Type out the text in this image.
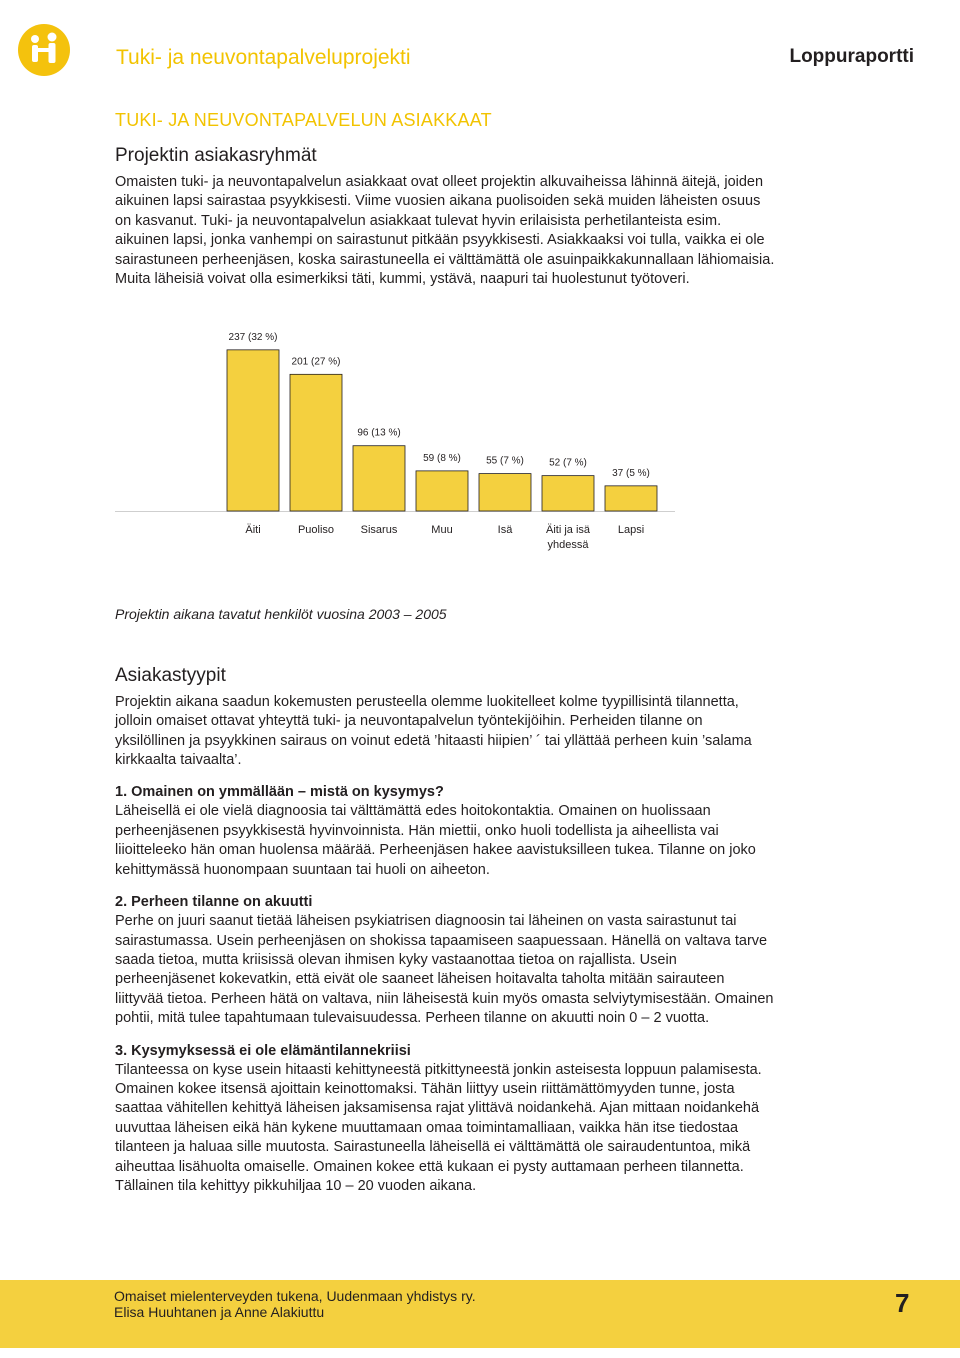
Tuki- ja neuvontapalveluprojekti	Loppuraportti
TUKI- JA NEUVONTAPALVELUN ASIAKKAAT
Projektin asiakasryhmät

Omaisten tuki- ja neuvontapalvelun asiakkaat ovat olleet projektin alkuvaiheissa lähinnä äitejä, joiden aikuinen lapsi sairastaa psyykkisesti. Viime vuosien aikana puolisoiden sekä muiden läheisten osuus on kasvanut. Tuki- ja neuvontapalvelun asiakkaat tulevat hyvin erilaisista perhetilanteista esim. aikuinen lapsi, jonka vanhempi on sairastunut pitkään psyykkisesti. Asiakkaaksi voi tulla, vaikka ei ole sairastuneen perheenjäsen, koska sairastuneella ei välttämättä ole asuinpaikkakunnallaan lähiomaisia. Muita läheisiä voivat olla esimerkiksi täti, kummi, ystävä, naapuri tai huolestunut työtoveri.

237 (32 %)
Äiti
201 (27 %)
Puoliso
96 (13 %)
Sisarus
59 (8 %)
Muu
55 (7 %)
Isä
52 (7 %)
Äiti ja isä
yhdessä
37 (5 %)
Lapsi

Projektin aikana tavatut henkilöt vuosina 2003 – 2005

Asiakastyypit

Projektin aikana saadun kokemusten perusteella olemme luokitelleet kolme tyypillisintä tilannetta, jolloin omaiset ottavat yhteyttä tuki- ja neuvontapalvelun työntekijöihin. Perheiden tilanne on yksilöllinen ja psyykkinen sairaus on voinut edetä ’hitaasti hiipien’ ´ tai yllättää perheen kuin ’salama kirkkaalta taivaalta’.

1. Omainen on ymmällään – mistä on kysymys?

Läheisellä ei ole vielä diagnoosia tai välttämättä edes hoitokontaktia. Omainen on huolissaan perheenjäsenen psyykkisestä hyvinvoinnista. Hän miettii, onko huoli todellista ja aiheellista vai liioitteleeko hän oman huolensa määrää. Perheenjäsen hakee aavistuksilleen tukea. Tilanne on joko kehittymässä huonompaan suuntaan tai huoli on aiheeton.

2. Perheen tilanne on akuutti

Perhe on juuri saanut tietää läheisen psykiatrisen diagnoosin tai läheinen on vasta sairastunut tai sairastumassa. Usein perheenjäsen on shokissa tapaamiseen saapuessaan. Hänellä on valtava tarve saada tietoa, mutta kriisissä olevan ihmisen kyky vastaanottaa tietoa on rajallista. Usein perheenjäsenet kokevatkin, että eivät ole saaneet läheisen hoitavalta taholta mitään sairauteen liittyvää tietoa. Perheen hätä on valtava, niin läheisestä kuin myös omasta selviytymisestään. Omainen pohtii, mitä tulee tapahtumaan tulevaisuudessa. Perheen tilanne on akuutti noin 0 – 2 vuotta.

3. Kysymyksessä ei ole elämäntilannekriisi

Tilanteessa on kyse usein hitaasti kehittyneestä pitkittyneestä jonkin asteisesta loppuun palamisesta. Omainen kokee itsensä ajoittain keinottomaksi. Tähän liittyy usein riittämättömyyden tunne, josta saattaa vähitellen kehittyä läheisen jaksamisensa rajat ylittävä noidankehä. Ajan mittaan noidankehä uuvuttaa läheisen eikä hän kykene muuttamaan omaa toimintamalliaan, vaikka hän itse tiedostaa tilanteen ja haluaa sille muutosta. Sairastuneella läheisellä ei välttämättä ole sairaudentuntoa, mikä aiheuttaa lisähuolta omaiselle. Omainen kokee että kukaan ei pysty auttamaan perheen tilannetta. Tällainen tila kehittyy pikkuhiljaa 10 – 20 vuoden aikana.

Omaiset mielenterveyden tukena, Uudenmaan yhdistys ry.
Elisa Huuhtanen ja Anne Alakiuttu	7
